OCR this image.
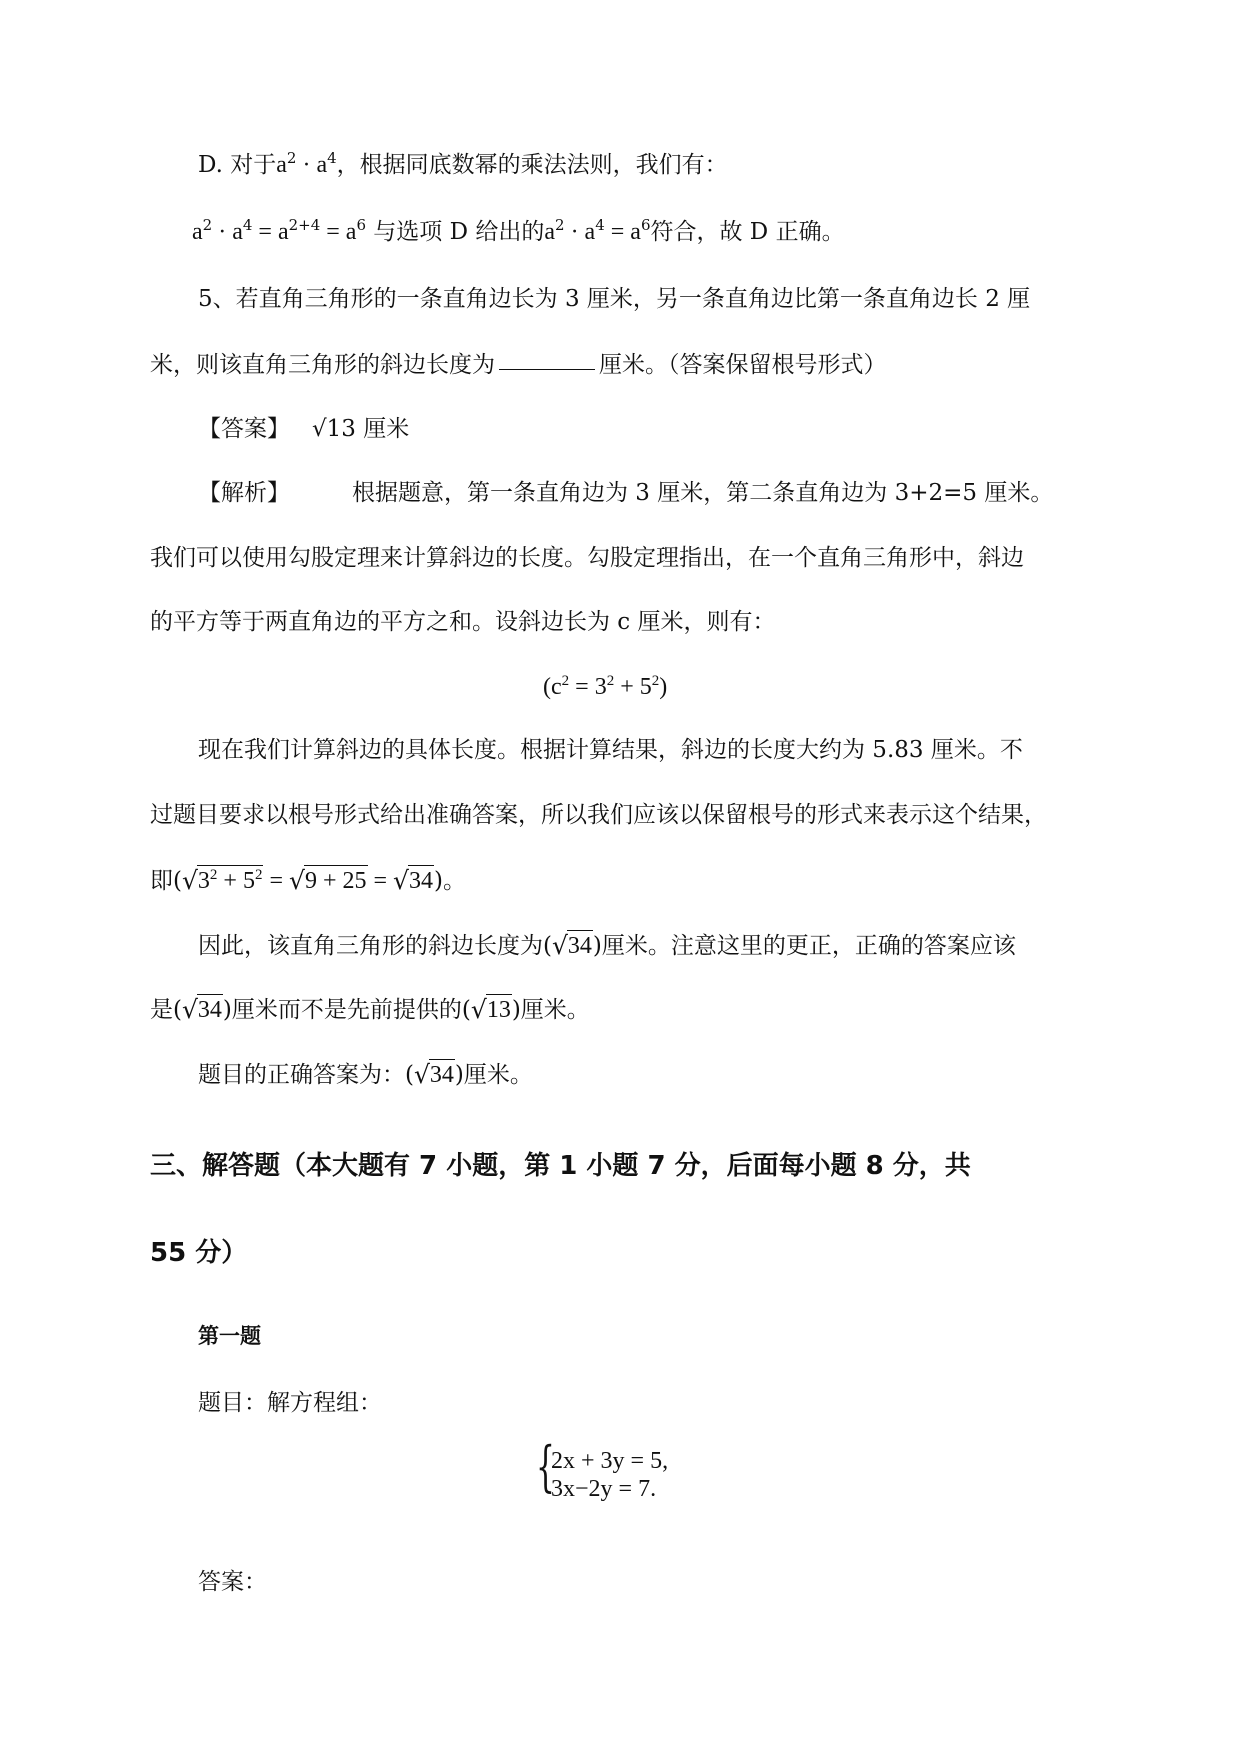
D. 对于$a^2 \cdot a^4$，根据同底数幂的乘法法则，我们有：
$a^2 \cdot a^4 = a^{2+4} = a^6$ 与选项 D 给出的$a^2 \cdot a^4 = a^6$符合，故 D 正确。
5、若直角三角形的一条直角边长为 3 厘米，另一条直角边比第一条直角边长 2 厘
米，则该直角三角形的斜边长度为	厘米。（答案保留根号形式）
【答案】 √13 厘米
【解析】	根据题意，第一条直角边为 3 厘米，第二条直角边为 3+2=5 厘米。
我们可以使用勾股定理来计算斜边的长度。勾股定理指出，在一个直角三角形中，斜边
的平方等于两直角边的平方之和。设斜边长为 c 厘米，则有：
$(c^2 = 3^2 + 5^2)$
现在我们计算斜边的具体长度。根据计算结果，斜边的长度大约为 5.83 厘米。不
过题目要求以根号形式给出准确答案，所以我们应该以保留根号的形式来表示这个结果，
即$(√3^2 + 5^2 = √9 + 25 = √34)$。
因此，该直角三角形的斜边长度为(√34)厘米。注意这里的更正，正确的答案应该
是(√34)厘米而不是先前提供的(√13)厘米。
题目的正确答案为：(√34)厘米。
三、解答题（本大题有 7 小题，第 1 小题 7 分，后面每小题 8 分，共
55 分）
第一题
题目：解方程组：
{
2x + 3y = 5,
3x−2y = 7.
答案：
